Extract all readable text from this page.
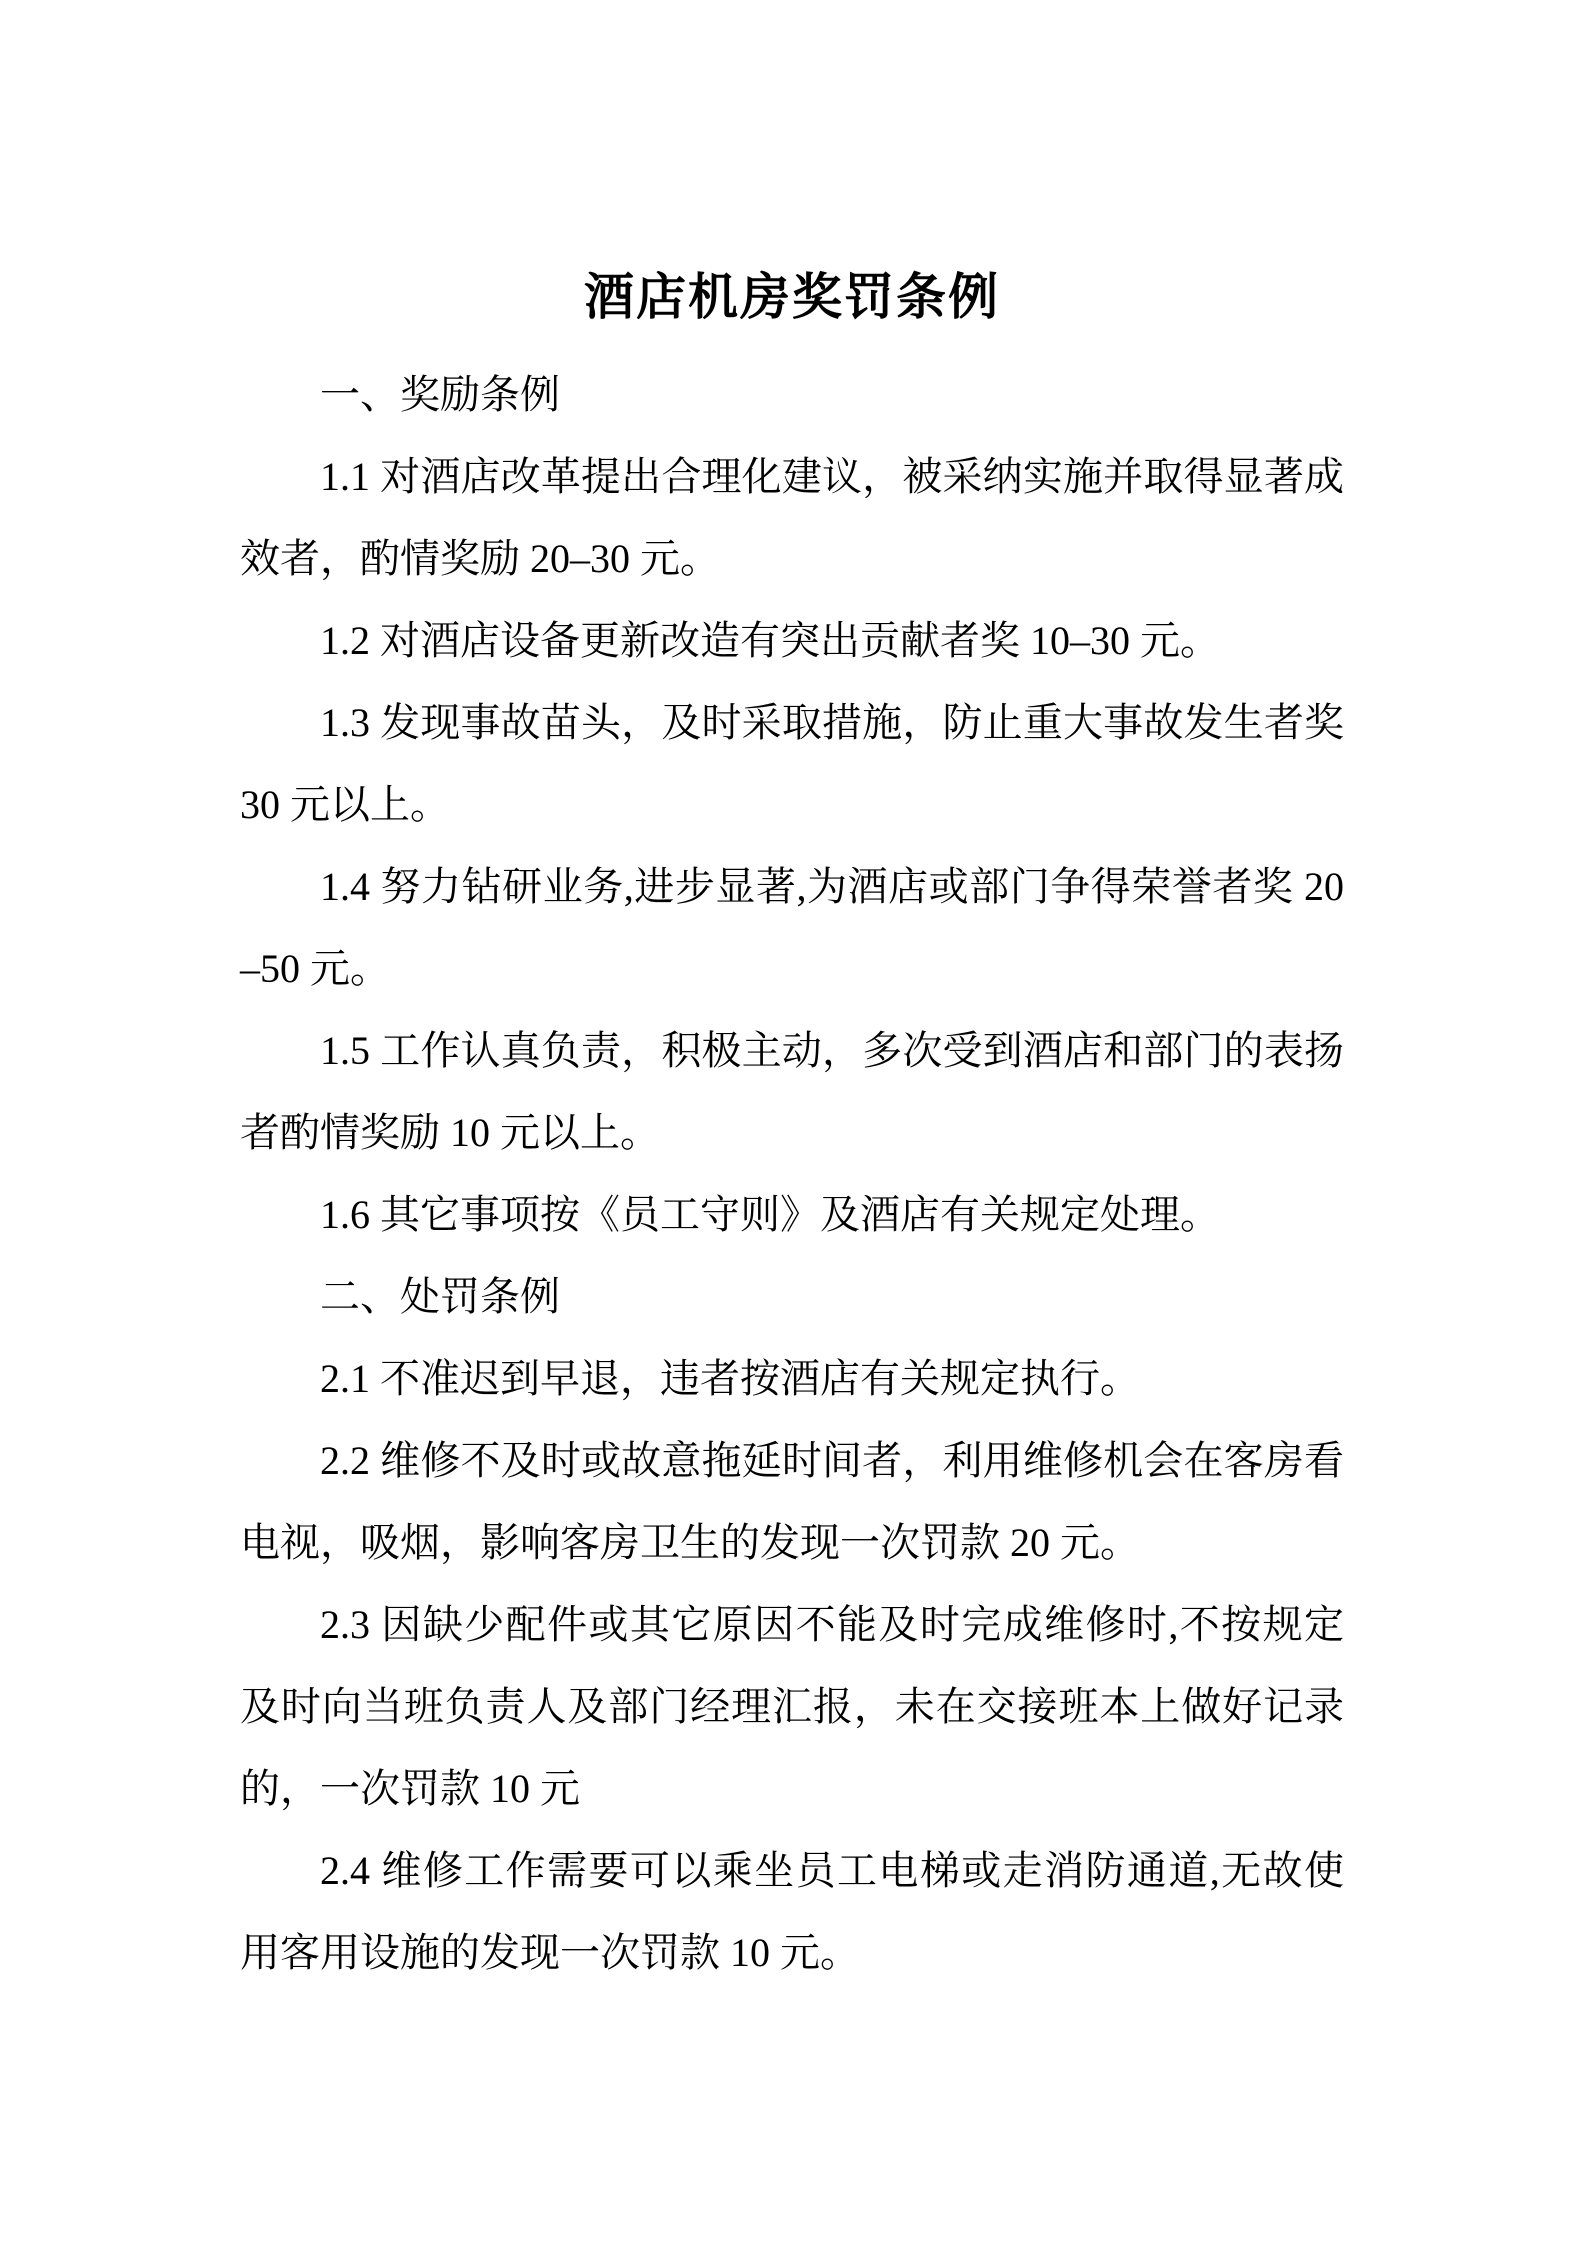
酒店机房奖罚条例

一、奖励条例

1.1 对酒店改革提出合理化建议，被采纳实施并取得显著成效者，酌情奖励 20–30 元。

1.2 对酒店设备更新改造有突出贡献者奖 10–30 元。

1.3 发现事故苗头，及时采取措施，防止重大事故发生者奖 30 元以上。

1.4 努力钻研业务,进步显著,为酒店或部门争得荣誉者奖 20–50 元。

1.5 工作认真负责，积极主动，多次受到酒店和部门的表扬者酌情奖励 10 元以上。

1.6 其它事项按《员工守则》及酒店有关规定处理。

二、处罚条例

2.1 不准迟到早退，违者按酒店有关规定执行。

2.2 维修不及时或故意拖延时间者，利用维修机会在客房看电视，吸烟，影响客房卫生的发现一次罚款 20 元。

2.3 因缺少配件或其它原因不能及时完成维修时,不按规定及时向当班负责人及部门经理汇报，未在交接班本上做好记录的，一次罚款 10 元

2.4 维修工作需要可以乘坐员工电梯或走消防通道,无故使用客用设施的发现一次罚款 10 元。
